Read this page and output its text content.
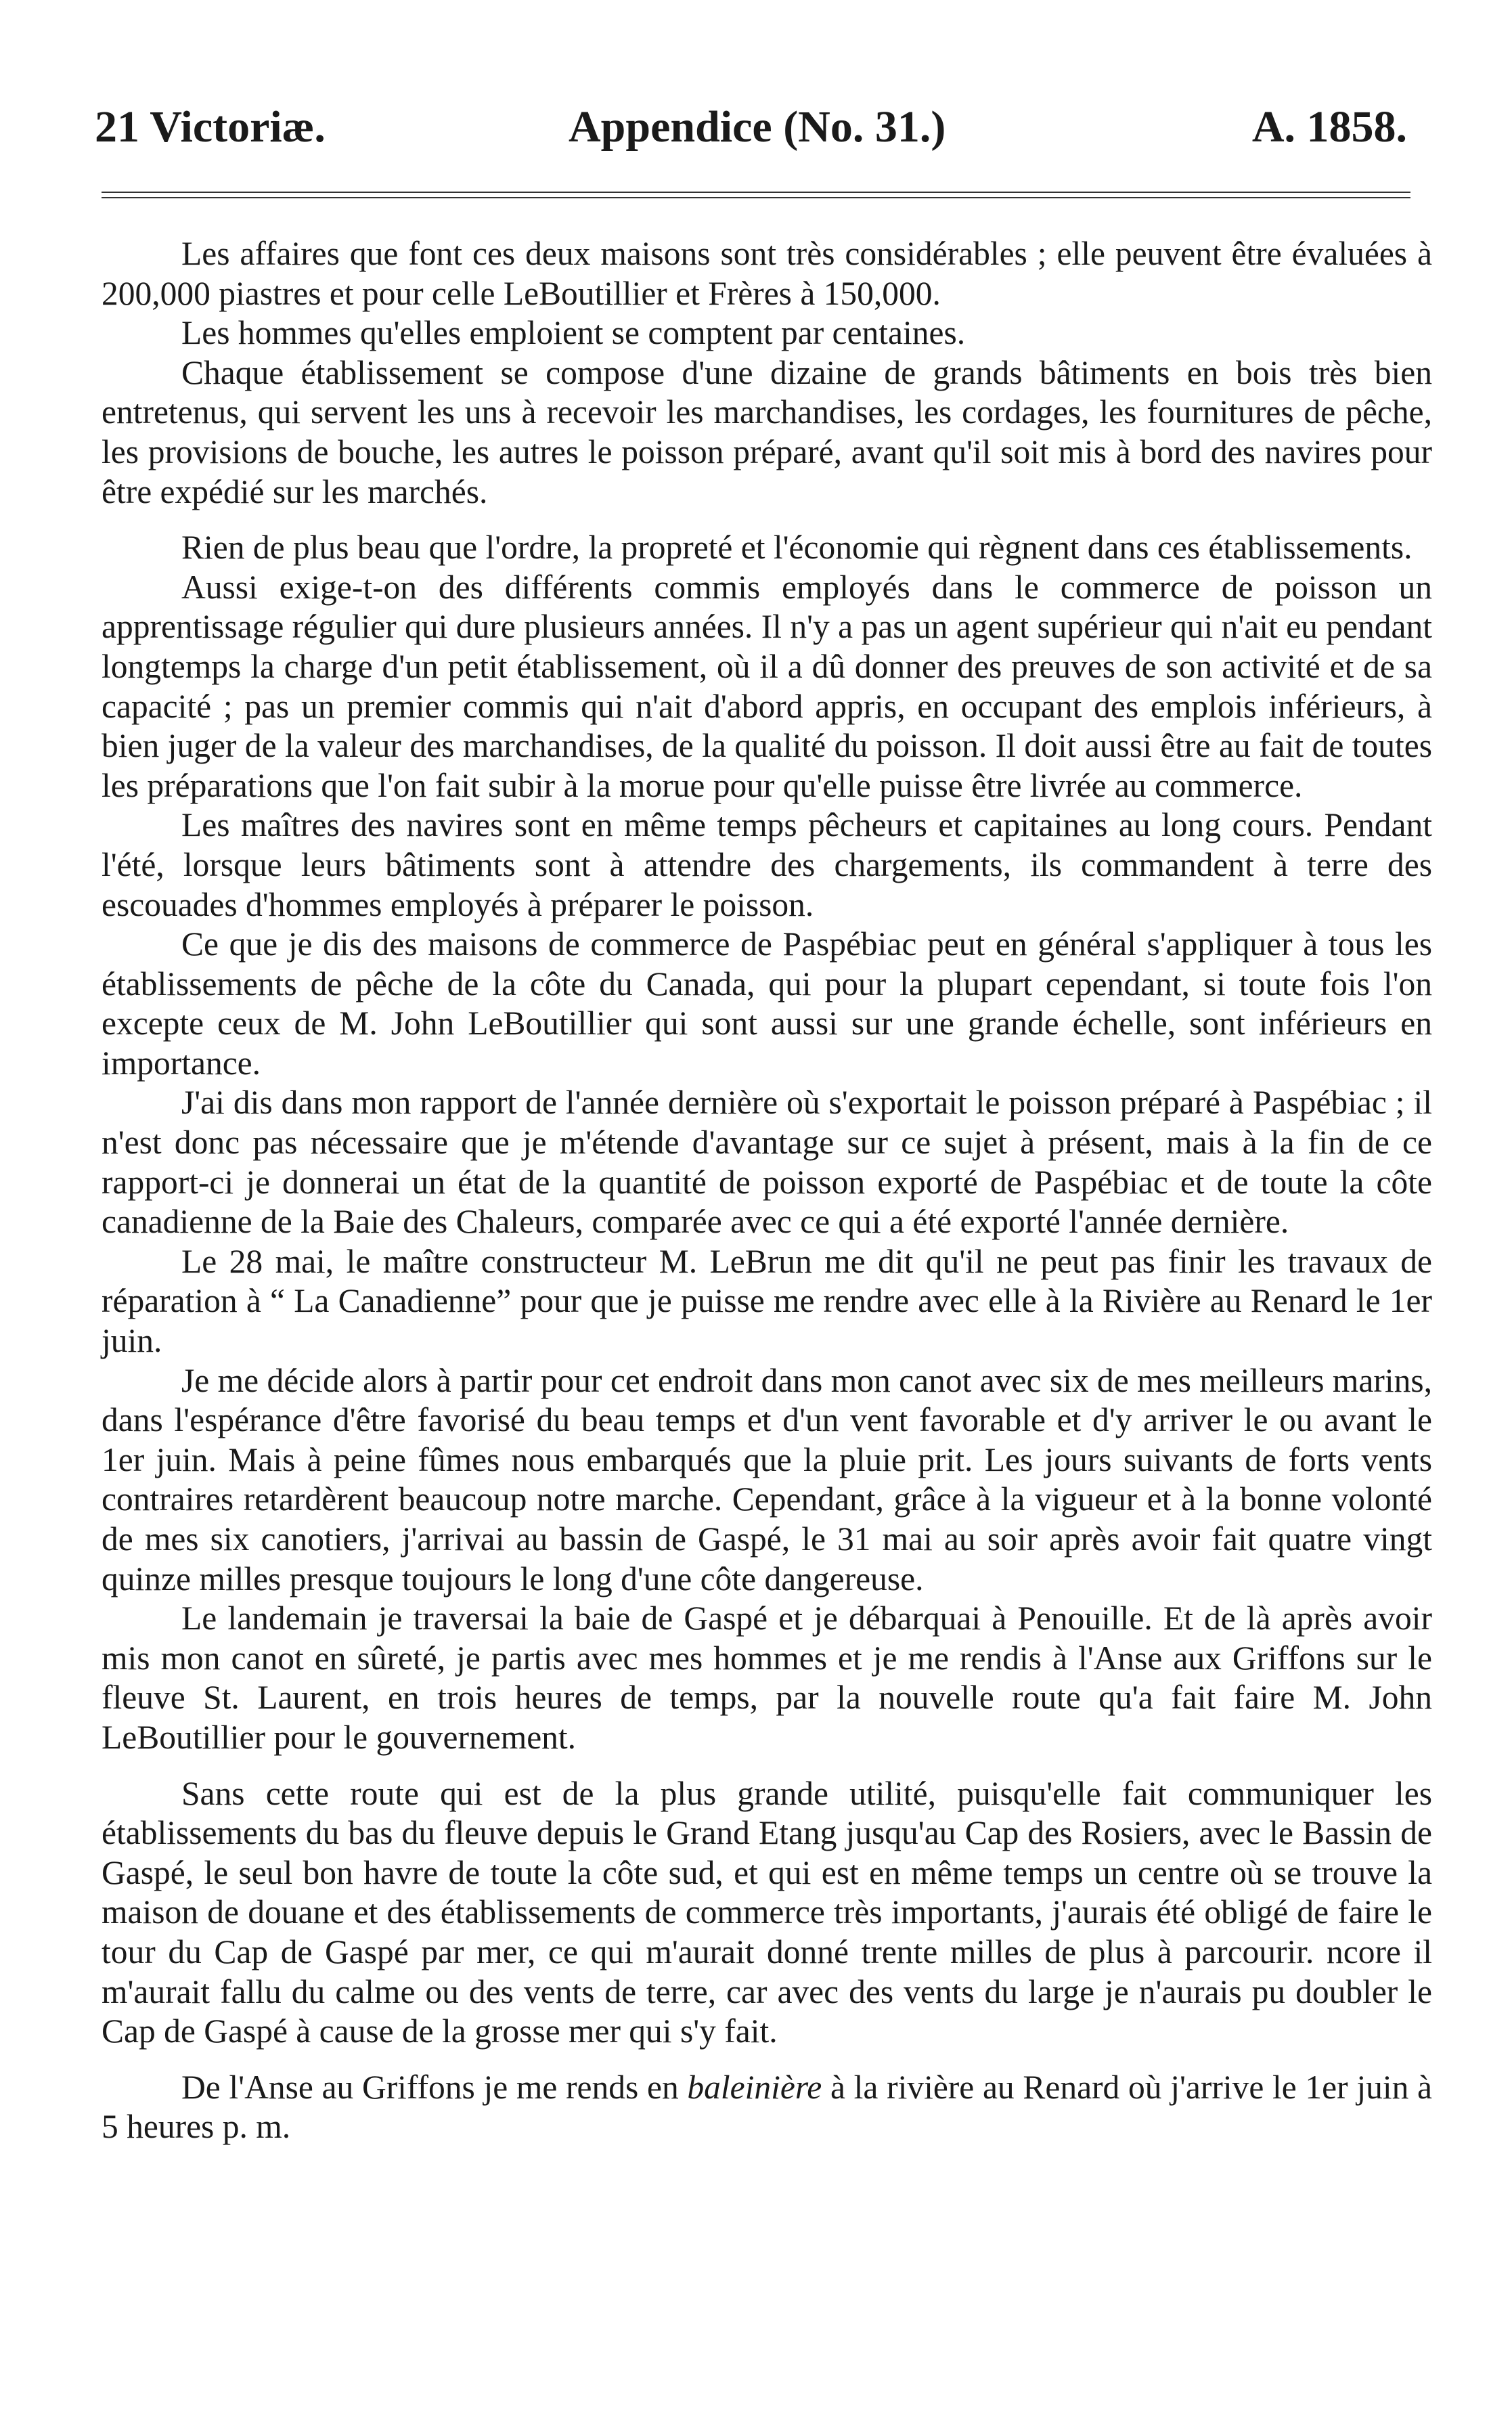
21 Victoriæ.	Appendice (No. 31.)	A. 1858.

Les affaires que font ces deux maisons sont très considérables ; elle peuvent être évaluées à 200,000 piastres et pour celle LeBoutillier et Frères à 150,000.

Les hommes qu'elles emploient se comptent par centaines.

Chaque établissement se compose d'une dizaine de grands bâtiments en bois très bien entretenus, qui servent les uns à recevoir les marchandises, les cordages, les fournitures de pêche, les provisions de bouche, les autres le poisson préparé, avant qu'il soit mis à bord des navires pour être expédié sur les marchés.

Rien de plus beau que l'ordre, la propreté et l'économie qui règnent dans ces établissements.

Aussi exige-t-on des différents commis employés dans le commerce de poisson un apprentissage régulier qui dure plusieurs années. Il n'y a pas un agent supérieur qui n'ait eu pendant longtemps la charge d'un petit établissement, où il a dû donner des preuves de son activité et de sa capacité ; pas un premier commis qui n'ait d'abord appris, en occupant des emplois inférieurs, à bien juger de la valeur des marchandises, de la qualité du poisson. Il doit aussi être au fait de toutes les préparations que l'on fait subir à la morue pour qu'elle puisse être livrée au commerce.

Les maîtres des navires sont en même temps pêcheurs et capitaines au long cours. Pendant l'été, lorsque leurs bâtiments sont à attendre des chargements, ils commandent à terre des escouades d'hommes employés à préparer le poisson.

Ce que je dis des maisons de commerce de Paspébiac peut en général s'appliquer à tous les établissements de pêche de la côte du Canada, qui pour la plupart cependant, si toute fois l'on excepte ceux de M. John LeBoutillier qui sont aussi sur une grande échelle, sont inférieurs en importance.

J'ai dis dans mon rapport de l'année dernière où s'exportait le poisson préparé à Paspébiac ; il n'est donc pas nécessaire que je m'étende d'avantage sur ce sujet à présent, mais à la fin de ce rapport-ci je donnerai un état de la quantité de poisson exporté de Paspébiac et de toute la côte canadienne de la Baie des Chaleurs, comparée avec ce qui a été exporté l'année dernière.

Le 28 mai, le maître constructeur M. LeBrun me dit qu'il ne peut pas finir les travaux de réparation à “ La Canadienne” pour que je puisse me rendre avec elle à la Rivière au Renard le 1er juin.

Je me décide alors à partir pour cet endroit dans mon canot avec six de mes meilleurs marins, dans l'espérance d'être favorisé du beau temps et d'un vent favorable et d'y arriver le ou avant le 1er juin. Mais à peine fûmes nous embarqués que la pluie prit. Les jours suivants de forts vents contraires retardèrent beaucoup notre marche. Cependant, grâce à la vigueur et à la bonne volonté de mes six canotiers, j'arrivai au bassin de Gaspé, le 31 mai au soir après avoir fait quatre vingt quinze milles presque toujours le long d'une côte dangereuse.

Le landemain je traversai la baie de Gaspé et je débarquai à Penouille. Et de là après avoir mis mon canot en sûreté, je partis avec mes hommes et je me rendis à l'Anse aux Griffons sur le fleuve St. Laurent, en trois heures de temps, par la nouvelle route qu'a fait faire M. John LeBoutillier pour le gouvernement.

Sans cette route qui est de la plus grande utilité, puisqu'elle fait communiquer les établissements du bas du fleuve depuis le Grand Etang jusqu'au Cap des Rosiers, avec le Bassin de Gaspé, le seul bon havre de toute la côte sud, et qui est en même temps un centre où se trouve la maison de douane et des établissements de commerce très importants, j'aurais été obligé de faire le tour du Cap de Gaspé par mer, ce qui m'aurait donné trente milles de plus à parcourir. ncore il m'aurait fallu du calme ou des vents de terre, car avec des vents du large je n'aurais pu doubler le Cap de Gaspé à cause de la grosse mer qui s'y fait.

De l'Anse au Griffons je me rends en baleinière à la rivière au Renard où j'arrive le 1er juin à 5 heures p. m.
